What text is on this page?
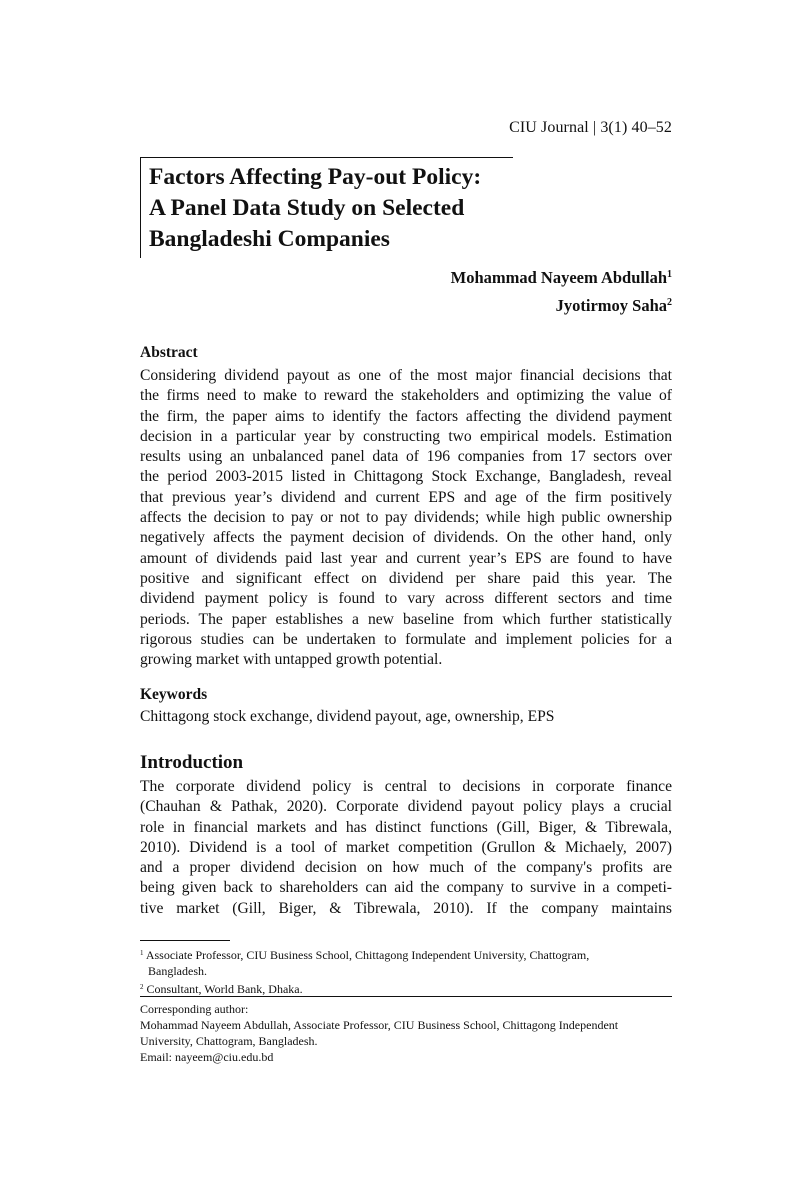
CIU Journal | 3(1) 40–52
Factors Affecting Pay-out Policy:
A Panel Data Study on Selected
Bangladeshi Companies
Mohammad Nayeem Abdullah$^1$
Jyotirmoy Saha$^2$
Abstract
Considering dividend payout as one of the most major financial decisions that
the firms need to make to reward the stakeholders and optimizing the value of
the firm, the paper aims to identify the factors affecting the dividend payment
decision in a particular year by constructing two empirical models. Estimation
results using an unbalanced panel data of 196 companies from 17 sectors over
the period 2003-2015 listed in Chittagong Stock Exchange, Bangladesh, reveal
that previous year’s dividend and current EPS and age of the firm positively
affects the decision to pay or not to pay dividends; while high public ownership
negatively affects the payment decision of dividends. On the other hand, only
amount of dividends paid last year and current year’s EPS are found to have
positive and significant effect on dividend per share paid this year. The
dividend payment policy is found to vary across different sectors and time
periods. The paper establishes a new baseline from which further statistically
rigorous studies can be undertaken to formulate and implement policies for a
growing market with untapped growth potential.
Keywords
Chittagong stock exchange, dividend payout, age, ownership, EPS
Introduction
The corporate dividend policy is central to decisions in corporate finance
(Chauhan & Pathak, 2020). Corporate dividend payout policy plays a crucial
role in financial markets and has distinct functions (Gill, Biger, & Tibrewala,
2010). Dividend is a tool of market competition (Grullon & Michaely, 2007)
and a proper dividend decision on how much of the company's profits are
being given back to shareholders can aid the company to survive in a competi-
tive market (Gill, Biger, & Tibrewala, 2010). If the company maintains
$^1$ Associate Professor, CIU Business School, Chittagong Independent University, Chattogram,
Bangladesh.
$^2$ Consultant, World Bank, Dhaka.
Corresponding author:
Mohammad Nayeem Abdullah, Associate Professor, CIU Business School, Chittagong Independent
University, Chattogram, Bangladesh.
Email: nayeem@ciu.edu.bd
